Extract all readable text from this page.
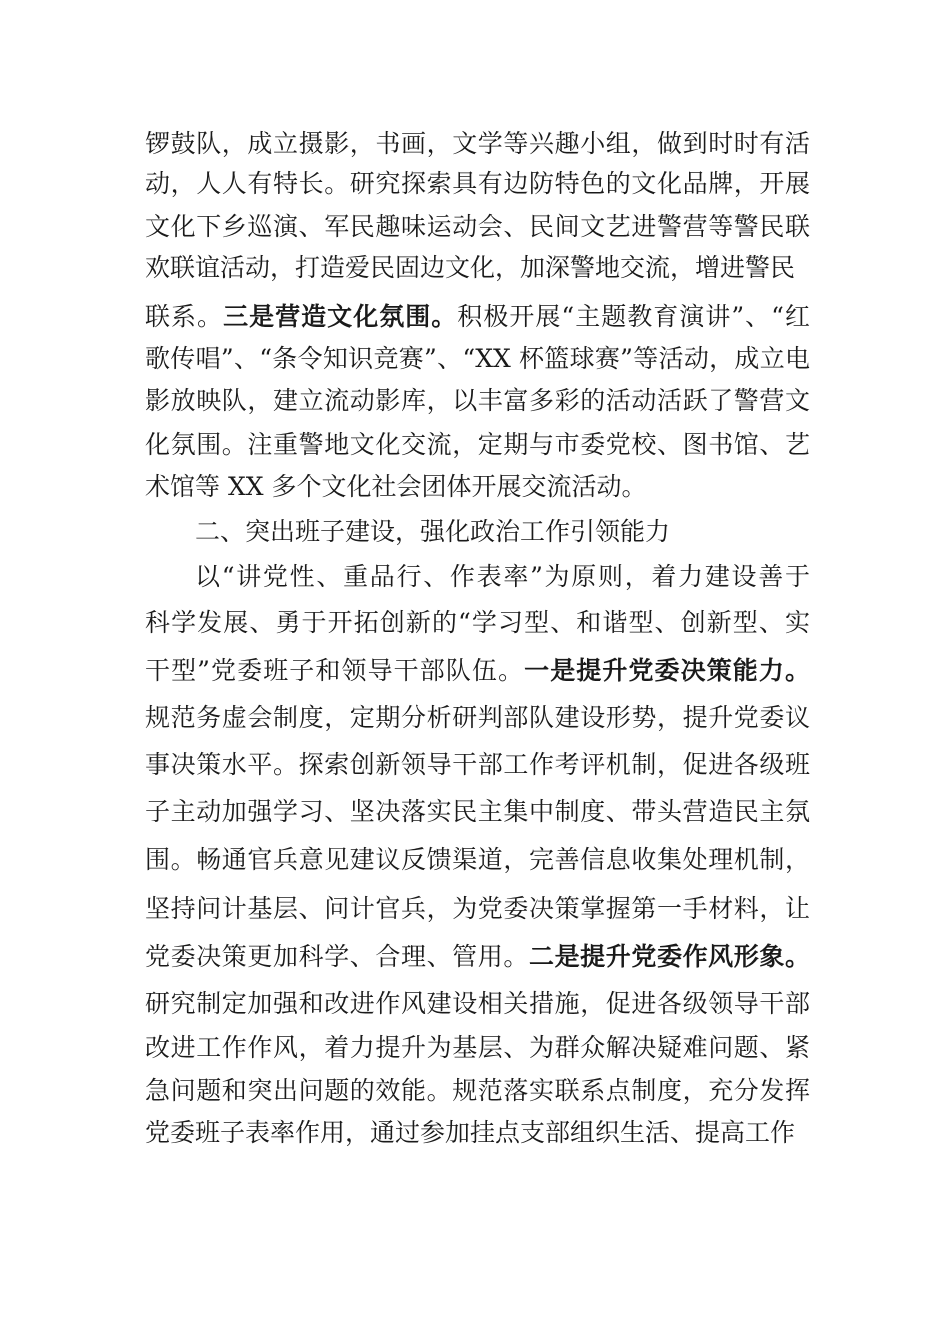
锣鼓队，成立摄影，书画，文学等兴趣小组，做到时时有活
动，人人有特长。研究探索具有边防特色的文化品牌，开展
文化下乡巡演、军民趣味运动会、民间文艺进警营等警民联
欢联谊活动，打造爱民固边文化，加深警地交流，增进警民
联系。三是营造文化氛围。积极开展“主题教育演讲”、“红
歌传唱”、“条令知识竞赛”、“XX 杯篮球赛”等活动，成立电
影放映队，建立流动影库，以丰富多彩的活动活跃了警营文
化氛围。注重警地文化交流，定期与市委党校、图书馆、艺
术馆等 XX 多个文化社会团体开展交流活动。
二、突出班子建设，强化政治工作引领能力
以“讲党性、重品行、作表率”为原则，着力建设善于
科学发展、勇于开拓创新的“学习型、和谐型、创新型、实
干型”党委班子和领导干部队伍。一是提升党委决策能力。
规范务虚会制度，定期分析研判部队建设形势，提升党委议
事决策水平。探索创新领导干部工作考评机制，促进各级班
子主动加强学习、坚决落实民主集中制度、带头营造民主氛
围。畅通官兵意见建议反馈渠道，完善信息收集处理机制，
坚持问计基层、问计官兵，为党委决策掌握第一手材料，让
党委决策更加科学、合理、管用。二是提升党委作风形象。
研究制定加强和改进作风建设相关措施，促进各级领导干部
改进工作作风，着力提升为基层、为群众解决疑难问题、紧
急问题和突出问题的效能。规范落实联系点制度，充分发挥
党委班子表率作用，通过参加挂点支部组织生活、提高工作
